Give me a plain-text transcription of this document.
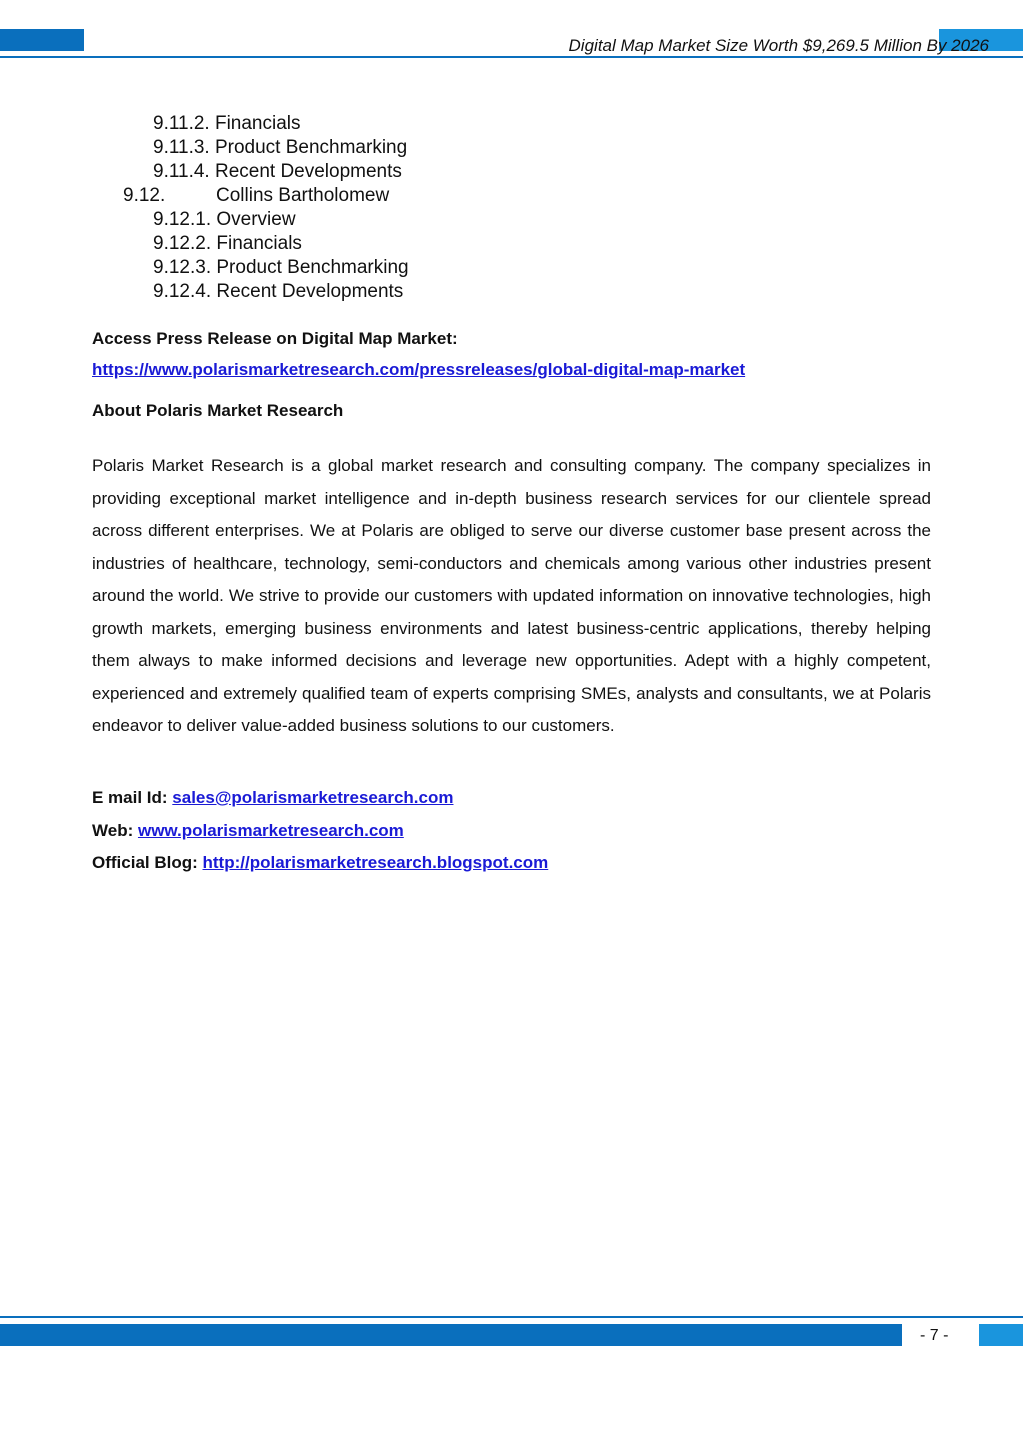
Digital Map Market Size Worth $9,269.5 Million By 2026
9.11.2. Financials
9.11.3. Product Benchmarking
9.11.4. Recent Developments
9.12.	Collins Bartholomew
9.12.1. Overview
9.12.2. Financials
9.12.3. Product Benchmarking
9.12.4. Recent Developments
Access Press Release on Digital Map Market:
https://www.polarismarketresearch.com/pressreleases/global-digital-map-market
About Polaris Market Research

Polaris Market Research is a global market research and consulting company. The company specializes in providing exceptional market intelligence and in-depth business research services for our clientele spread across different enterprises. We at Polaris are obliged to serve our diverse customer base present across the industries of healthcare, technology, semi-conductors and chemicals among various other industries present around the world. We strive to provide our customers with updated information on innovative technologies, high growth markets, emerging business environments and latest business-centric applications, thereby helping them always to make informed decisions and leverage new opportunities. Adept with a highly competent, experienced and extremely qualified team of experts comprising SMEs, analysts and consultants, we at Polaris endeavor to deliver value-added business solutions to our customers.

E mail Id: sales@polarismarketresearch.com
Web: www.polarismarketresearch.com
Official Blog: http://polarismarketresearch.blogspot.com
- 7 -
